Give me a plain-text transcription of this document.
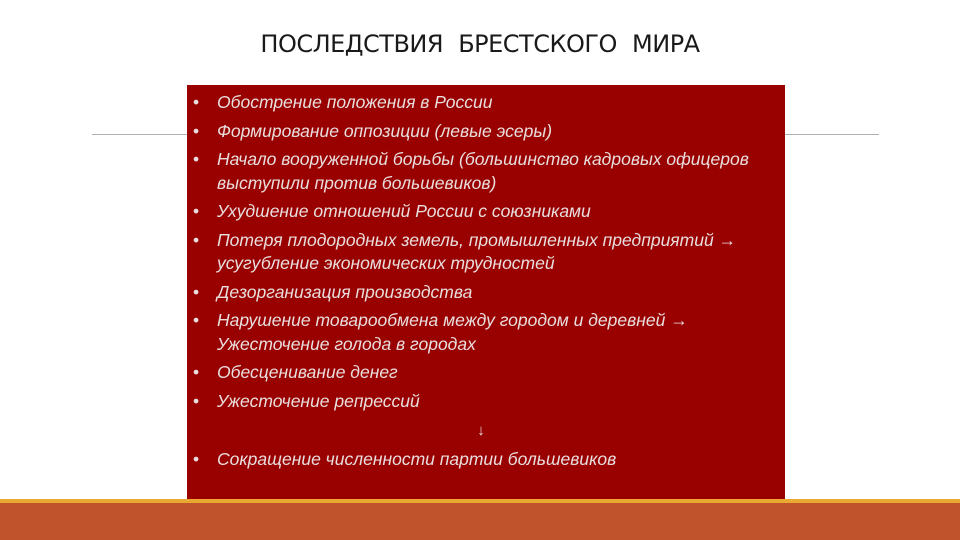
ПОСЛЕДСТВИЯ БРЕСТСКОГО МИРА
• Обострение положения в России
• Формирование оппозиции (левые эсеры)
• Начало вооруженной борьбы (большинство кадровых офицеров выступили против большевиков)
• Ухудшение отношений России с союзниками
• Потеря плодородных земель, промышленных предприятий → усугубление экономических трудностей
• Дезорганизация производства
• Нарушение товарообмена между городом и деревней → Ужесточение голода в городах
• Обесценивание денег
• Ужесточение репрессий
↓
• Сокращение численности партии большевиков
